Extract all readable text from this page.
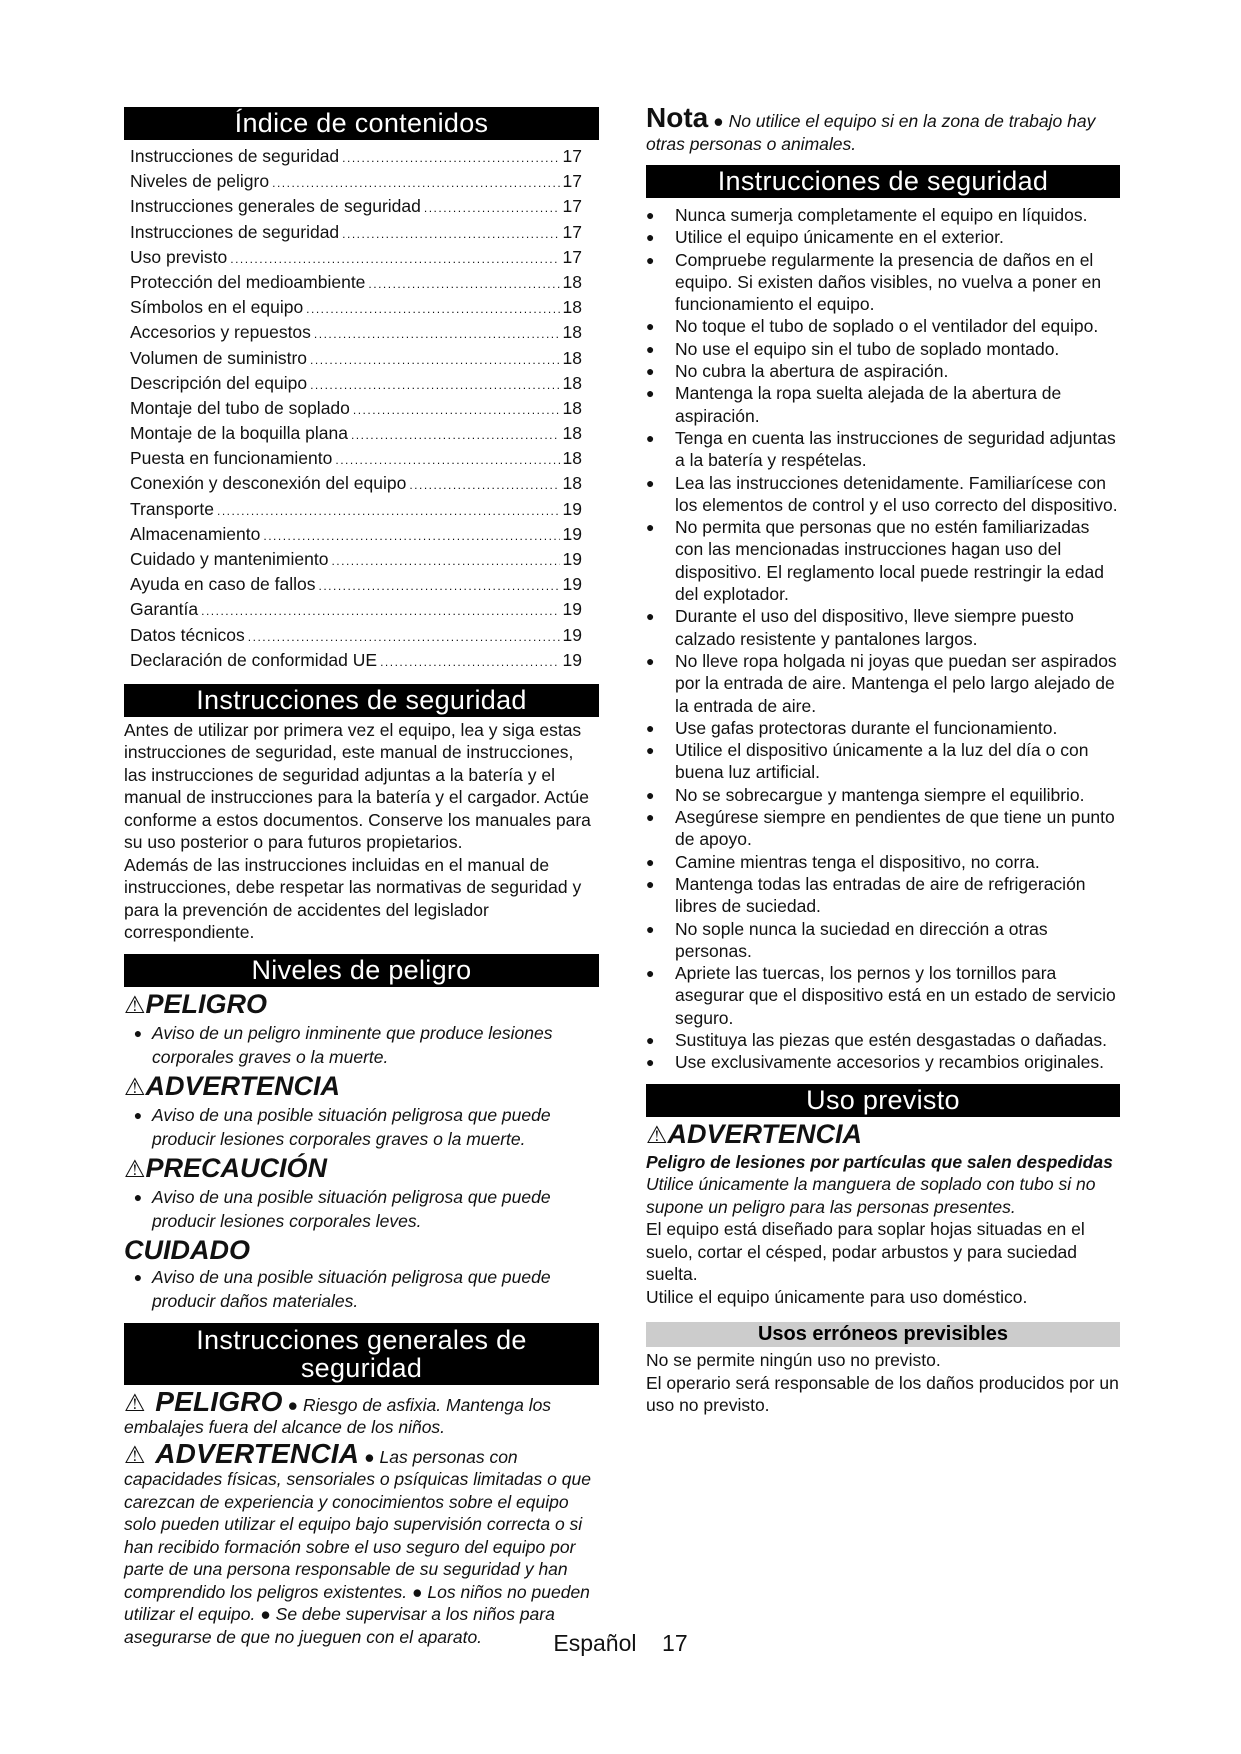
Índice de contenidos
Instrucciones de seguridad .....	17
Niveles de peligro .....	17
Instrucciones generales de seguridad .....	17
Instrucciones de seguridad .....	17
Uso previsto .....	17
Protección del medioambiente .....	18
Símbolos en el equipo .....	18
Accesorios y repuestos .....	18
Volumen de suministro .....	18
Descripción del equipo .....	18
Montaje del tubo de soplado .....	18
Montaje de la boquilla plana .....	18
Puesta en funcionamiento .....	18
Conexión y desconexión del equipo .....	18
Transporte .....	19
Almacenamiento .....	19
Cuidado y mantenimiento .....	19
Ayuda en caso de fallos .....	19
Garantía .....	19
Datos técnicos .....	19
Declaración de conformidad UE .....	19
Instrucciones de seguridad

Antes de utilizar por primera vez el equipo, lea y siga estas instrucciones de seguridad, este manual de instrucciones, las instrucciones de seguridad adjuntas a la batería y el manual de instrucciones para la batería y el cargador. Actúe conforme a estos documentos. Conserve los manuales para su uso posterior o para futuros propietarios.

Además de las instrucciones incluidas en el manual de instrucciones, debe respetar las normativas de seguridad y para la prevención de accidentes del legislador correspondiente.

Niveles de peligro
⚠PELIGRO
● Aviso de un peligro inminente que produce lesiones corporales graves o la muerte.
⚠ADVERTENCIA
● Aviso de una posible situación peligrosa que puede producir lesiones corporales graves o la muerte.
⚠PRECAUCIÓN
● Aviso de una posible situación peligrosa que puede producir lesiones corporales leves.
CUIDADO
● Aviso de una posible situación peligrosa que puede producir daños materiales.
Instrucciones generales de
seguridad

⚠ PELIGRO ● Riesgo de asfixia. Mantenga los embalajes fuera del alcance de los niños.

⚠ ADVERTENCIA ● Las personas con capacidades físicas, sensoriales o psíquicas limitadas o que carezcan de experiencia y conocimientos sobre el equipo solo pueden utilizar el equipo bajo supervisión correcta o si han recibido formación sobre el uso seguro del equipo por parte de una persona responsable de su seguridad y han comprendido los peligros existentes. ● Los niños no pueden utilizar el equipo. ● Se debe supervisar a los niños para asegurarse de que no jueguen con el aparato.

Nota ● No utilice el equipo si en la zona de trabajo hay otras personas o animales.

Instrucciones de seguridad
●	Nunca sumerja completamente el equipo en líquidos.
●	Utilice el equipo únicamente en el exterior.
●	Compruebe regularmente la presencia de daños en el equipo. Si existen daños visibles, no vuelva a poner en funcionamiento el equipo.
●	No toque el tubo de soplado o el ventilador del equipo.
●	No use el equipo sin el tubo de soplado montado.
●	No cubra la abertura de aspiración.
●	Mantenga la ropa suelta alejada de la abertura de aspiración.
●	Tenga en cuenta las instrucciones de seguridad adjuntas a la batería y respételas.
●	Lea las instrucciones detenidamente. Familiarícese con los elementos de control y el uso correcto del dispositivo.
●	No permita que personas que no estén familiarizadas con las mencionadas instrucciones hagan uso del dispositivo. El reglamento local puede restringir la edad del explotador.
●	Durante el uso del dispositivo, lleve siempre puesto calzado resistente y pantalones largos.
●	No lleve ropa holgada ni joyas que puedan ser aspirados por la entrada de aire. Mantenga el pelo largo alejado de la entrada de aire.
●	Use gafas protectoras durante el funcionamiento.
●	Utilice el dispositivo únicamente a la luz del día o con buena luz artificial.
●	No se sobrecargue y mantenga siempre el equilibrio.
●	Asegúrese siempre en pendientes de que tiene un punto de apoyo.
●	Camine mientras tenga el dispositivo, no corra.
●	Mantenga todas las entradas de aire de refrigeración libres de suciedad.
●	No sople nunca la suciedad en dirección a otras personas.
●	Apriete las tuercas, los pernos y los tornillos para asegurar que el dispositivo está en un estado de servicio seguro.
●	Sustituya las piezas que estén desgastadas o dañadas.
●	Use exclusivamente accesorios y recambios originales.
Uso previsto
⚠ADVERTENCIA

Peligro de lesiones por partículas que salen despedidas

Utilice únicamente la manguera de soplado con tubo si no supone un peligro para las personas presentes.

El equipo está diseñado para soplar hojas situadas en el suelo, cortar el césped, podar arbustos y para suciedad suelta.

Utilice el equipo únicamente para uso doméstico.

Usos erróneos previsibles

No se permite ningún uso no previsto.

El operario será responsable de los daños producidos por un uso no previsto.

Español 17
